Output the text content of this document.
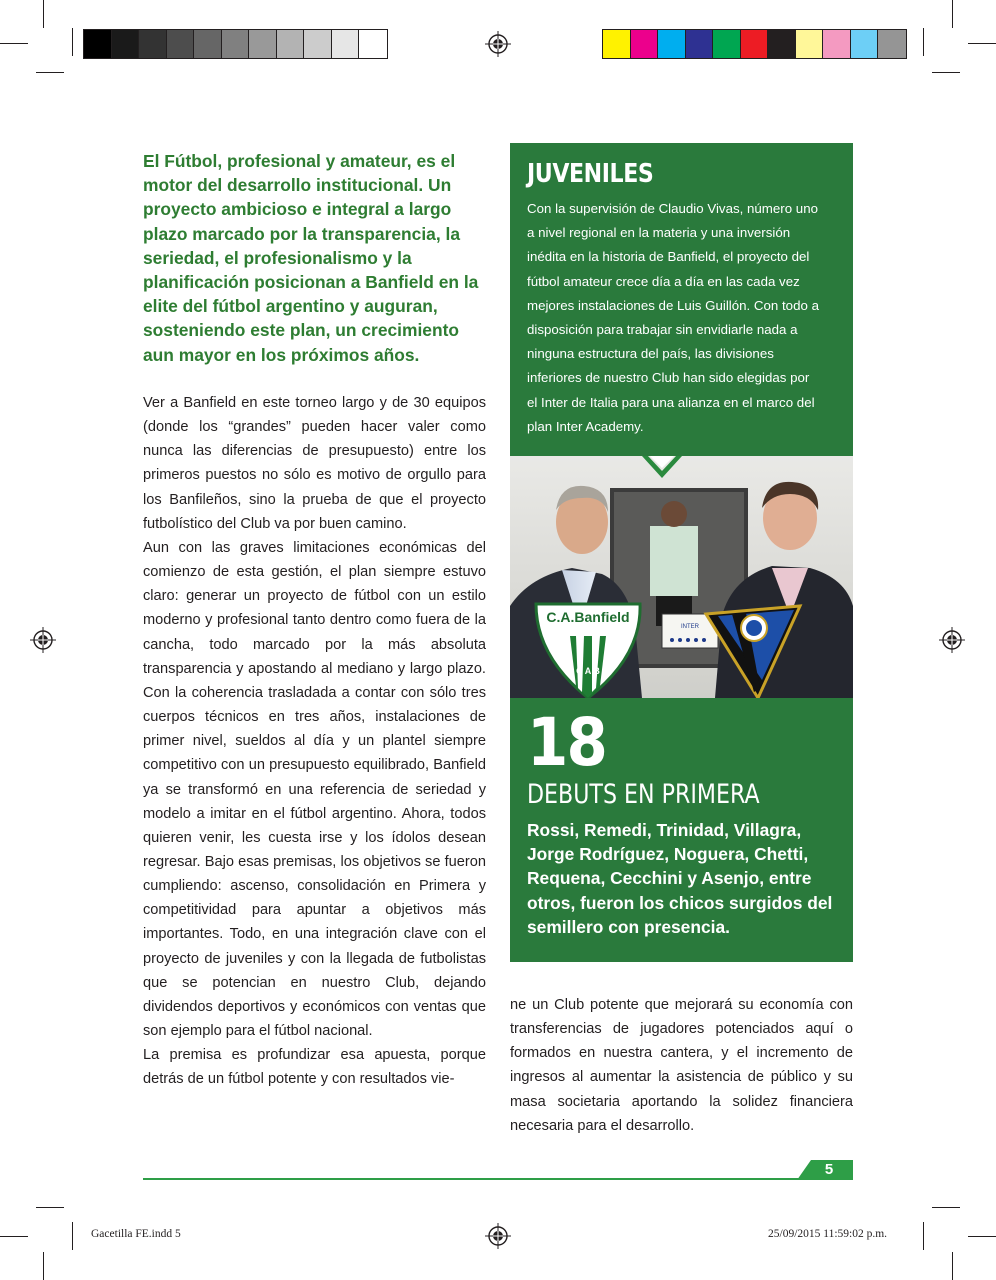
El Fútbol, profesional y amateur, es el motor del desarrollo institucional. Un proyecto ambicioso e integral a largo plazo marcado por la transparencia, la seriedad, el profesionalismo y la planificación posicionan a Banfield en la elite del fútbol argentino y auguran, sosteniendo este plan, un crecimiento aun mayor en los próximos años.

Ver a Banfield en este torneo largo y de 30 equipos (donde los “grandes” pueden hacer valer como nunca las diferencias de presupuesto) entre los primeros puestos no sólo es motivo de orgullo para los Banfileños, sino la prueba de que el proyecto futbolístico del Club va por buen camino.

Aun con las graves limitaciones económicas del comienzo de esta gestión, el plan siempre estuvo claro: generar un proyecto de fútbol con un estilo moderno y profesional tanto dentro como fuera de la cancha, todo marcado por la más absoluta transparencia y apostando al mediano y largo plazo. Con la coherencia trasladada a contar con sólo tres cuerpos técnicos en tres años, instalaciones de primer nivel, sueldos al día y un plantel siempre competitivo con un presupuesto equilibrado, Banfield ya se transformó en una referencia de seriedad y modelo a imitar en el fútbol argentino. Ahora, todos quieren venir, les cuesta irse y los ídolos desean regresar. Bajo esas premisas, los objetivos se fueron cumpliendo: ascenso, consolidación en Primera y competitividad para apuntar a objetivos más importantes. Todo, en una integración clave con el proyecto de juveniles y con la llegada de futbolistas que se potencian en nuestro Club, dejando dividendos deportivos y económicos con ventas que son ejemplo para el fútbol nacional.

La premisa es profundizar esa apuesta, porque detrás de un fútbol potente y con resultados vie-

JUVENILES

Con la supervisión de Claudio Vivas, número uno a nivel regional en la materia y una inversión inédita en la historia de Banfield, el proyecto del fútbol amateur crece día a día en las cada vez mejores instalaciones de Luis Guillón. Con todo a disposición para trabajar sin envidiarle nada a ninguna estructura del país, las divisiones inferiores de nuestro Club han sido elegidas por el Inter de Italia para una alianza en el marco del plan Inter Academy.

C.A.Banfield
C A B
INTER
18
DEBUTS EN PRIMERA

Rossi, Remedi, Trinidad, Villagra, Jorge Rodríguez, Noguera, Chetti, Requena, Cecchini y Asenjo, entre otros, fueron los chicos surgidos del semillero con presencia.

ne un Club potente que mejorará su economía con transferencias de jugadores potenciados aquí o formados en nuestra cantera, y el incremento de ingresos al aumentar la asistencia de público y su masa societaria aportando la solidez financiera necesaria para el desarrollo.

5
Gacetilla FE.indd 5	25/09/2015 11:59:02 p.m.
